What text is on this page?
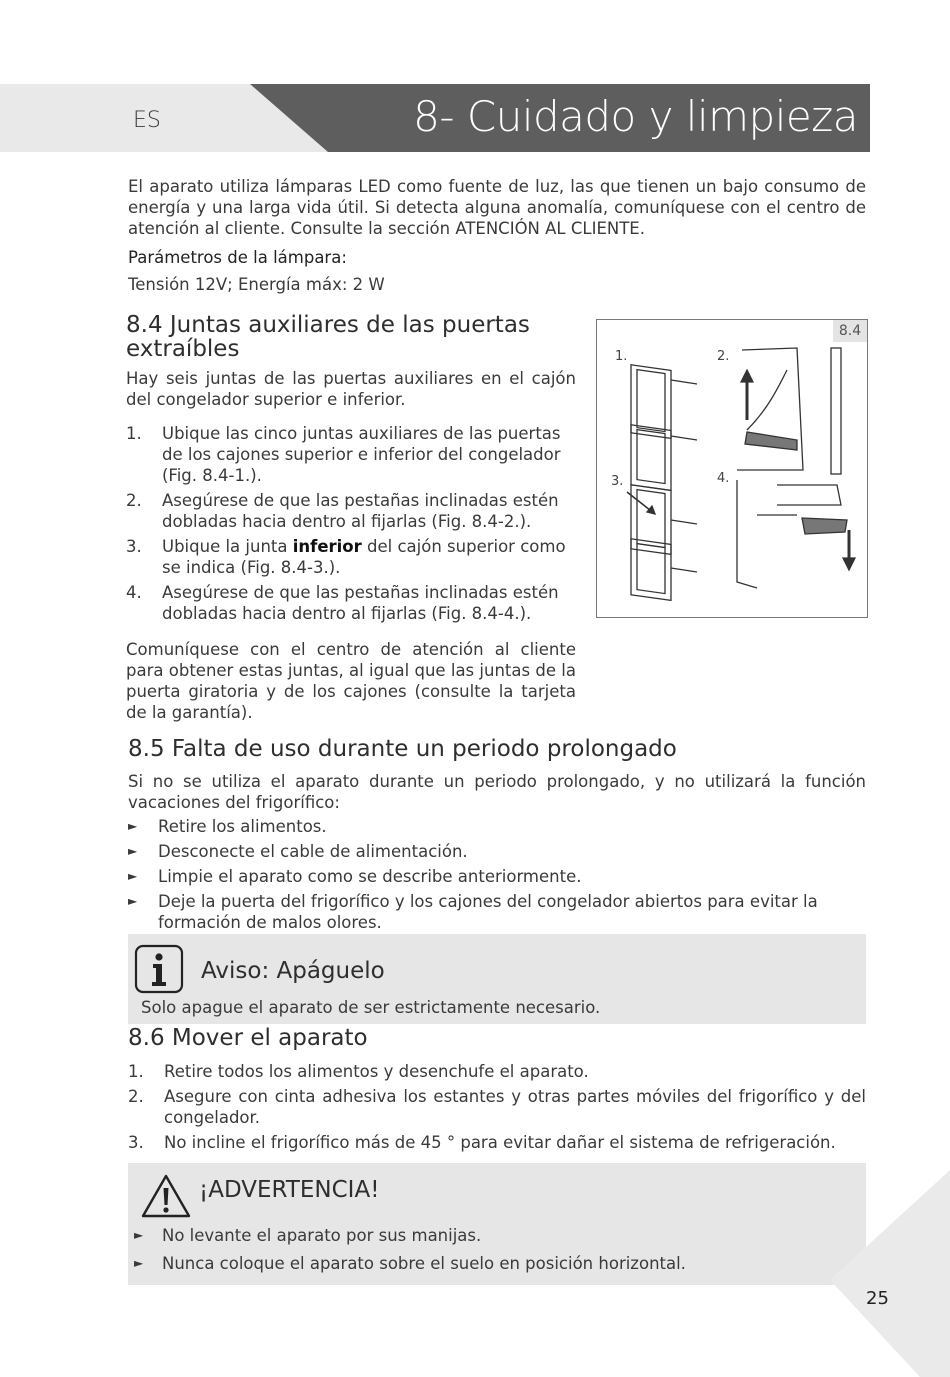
ES	8- Cuidado y limpieza
El aparato utiliza lámparas LED como fuente de luz, las que tienen un bajo consumo de energía y una larga vida útil. Si detecta alguna anomalía, comuníquese con el centro de atención al cliente. Consulte la sección ATENCIÓN AL CLIENTE.
Parámetros de la lámpara:
Tensión 12V; Energía máx: 2 W
8.4 Juntas auxiliares de las puertas extraíbles
Hay seis juntas de las puertas auxiliares en el cajón del congelador superior e inferior.
1. Ubique las cinco juntas auxiliares de las puertas de los cajones superior e inferior del congelador (Fig. 8.4-1.).
2. Asegúrese de que las pestañas inclinadas estén dobladas hacia dentro al fijarlas (Fig. 8.4-2.).
3. Ubique la junta inferior del cajón superior como se indica (Fig. 8.4-3.).
4. Asegúrese de que las pestañas inclinadas estén dobladas hacia dentro al fijarlas (Fig. 8.4-4.).
Comuníquese con el centro de atención al cliente para obtener estas juntas, al igual que las juntas de la puerta giratoria y de los cajones (consulte la tarjeta de la garantía).
8.4
1.	2.
3.	4.
8.5 Falta de uso durante un periodo prolongado
Si no se utiliza el aparato durante un periodo prolongado, y no utilizará la función vacaciones del frigorífico:
► Retire los alimentos.
► Desconecte el cable de alimentación.
► Limpie el aparato como se describe anteriormente.
► Deje la puerta del frigorífico y los cajones del congelador abiertos para evitar la formación de malos olores.
Aviso: Apáguelo
Solo apague el aparato de ser estrictamente necesario.
8.6 Mover el aparato
1. Retire todos los alimentos y desenchufe el aparato.
2. Asegure con cinta adhesiva los estantes y otras partes móviles del frigorífico y del congelador.
3. No incline el frigorífico más de 45 ° para evitar dañar el sistema de refrigeración.
¡ADVERTENCIA!
► No levante el aparato por sus manijas.
► Nunca coloque el aparato sobre el suelo en posición horizontal.
25
